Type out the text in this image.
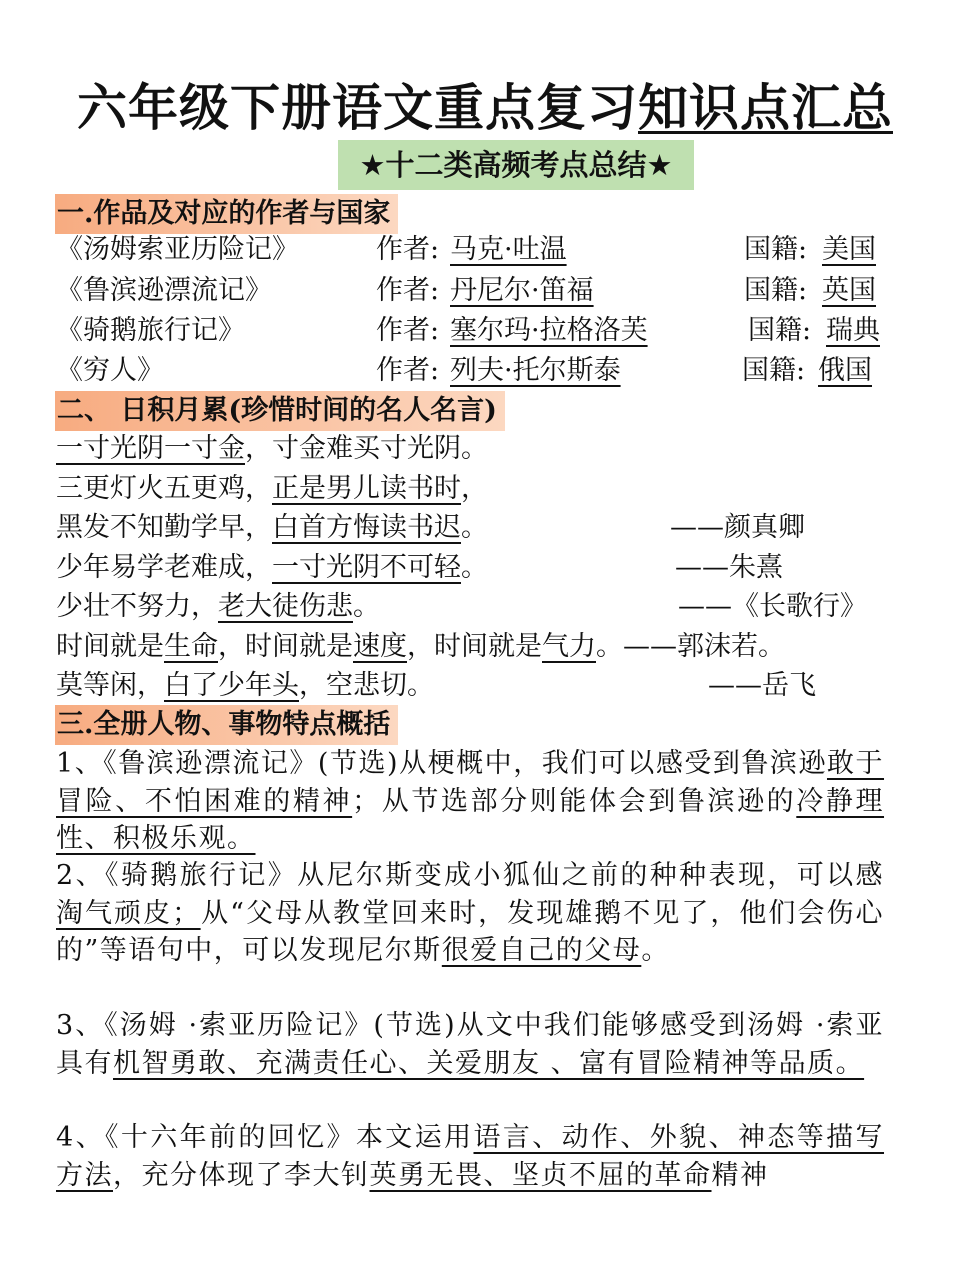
六年级下册语文重点复习知识点汇总
★十二类高频考点总结★
一.作品及对应的作者与国家
《汤姆索亚历险记》	作者: 马克·吐温	国籍: 美国
《鲁滨逊漂流记》	作者: 丹尼尔·笛福	国籍: 英国
《骑鹅旅行记》	作者: 塞尔玛·拉格洛芙	国籍: 瑞典
《穷人》	作者: 列夫·托尔斯泰	国籍: 俄国
二、 日积月累(珍惜时间的名人名言)
一寸光阴一寸金，寸金难买寸光阴。
三更灯火五更鸡，正是男儿读书时，
黑发不知勤学早，白首方悔读书迟。	——颜真卿
少年易学老难成，一寸光阴不可轻。	——朱熹
少壮不努力，老大徒伤悲。	——《长歌行》
时间就是生命，时间就是速度，时间就是气力。——郭沫若。
莫等闲，白了少年头，空悲切。	——岳飞
三.全册人物、事物特点概括
1、《鲁滨逊漂流记》(节选)从梗概中，我们可以感受到鲁滨逊敢于冒险、不怕困难的精神；从节选部分则能体会到鲁滨逊的冷静理性、积极乐观。
2、《骑鹅旅行记》从尼尔斯变成小狐仙之前的种种表现，可以感淘气顽皮；从“父母从教堂回来时，发现雄鹅不见了，他们会伤心的”等语句中，可以发现尼尔斯很爱自己的父母。
3、《汤姆 ·索亚历险记》(节选)从文中我们能够感受到汤姆 ·索亚具有机智勇敢、充满责任心、关爱朋友 、富有冒险精神等品质。
4、《十六年前的回忆》本文运用语言、动作、外貌、神态等描写方法，充分体现了李大钊英勇无畏、坚贞不屈的革命精神
